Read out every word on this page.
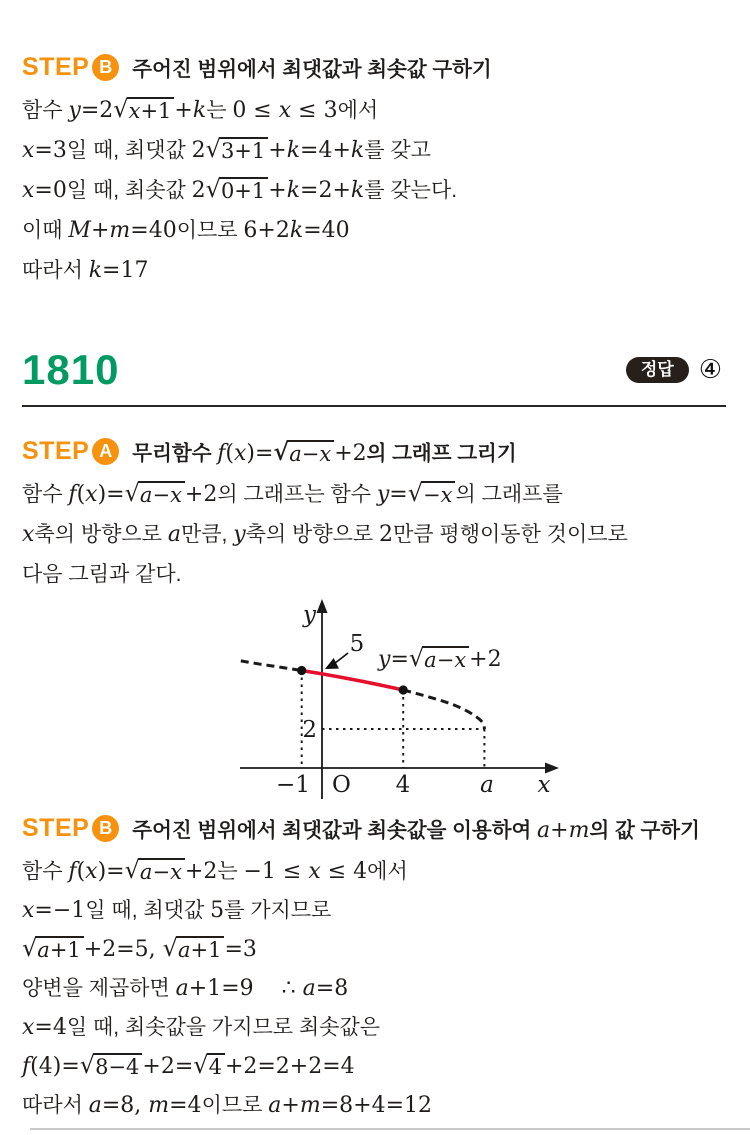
STEP B 주어진 범위에서 최댓값과 최솟값 구하기
함수 y=2 √ x+1 +k는 0 ≤ x ≤ 3에서
x=3일 때, 최댓값 2 √ 3+1 +k=4+k를 갖고
x=0일 때, 최솟값 2 √ 0+1 +k=2+k를 갖는다.
이때 M+m=40이므로 6+2k=40
따라서 k=17
1810	정답 ④
STEP A 무리함수 f(x)= √ a−x +2의 그래프 그리기
함수 f(x)= √ a−x +2의 그래프는 함수 y= √ −x 의 그래프를
x축의 방향으로 a만큼, y축의 방향으로 2만큼 평행이동한 것이므로
다음 그림과 같다.
y
x
O
−1	4	a
2
5
y= √ a−x +2
STEP B 주어진 범위에서 최댓값과 최솟값을 이용하여 a+m의 값 구하기
함수 f(x)= √ a−x +2는 −1 ≤ x ≤ 4에서
x=−1일 때, 최댓값 5를 가지므로
√ a+1 +2=5, √ a+1 =3
양변을 제곱하면 a+1=9    ∴ a=8
x=4일 때, 최솟값을 가지므로 최솟값은
f(4)= √ 8−4 +2= √ 4 +2=2+2=4
따라서 a=8, m=4이므로 a+m=8+4=12
